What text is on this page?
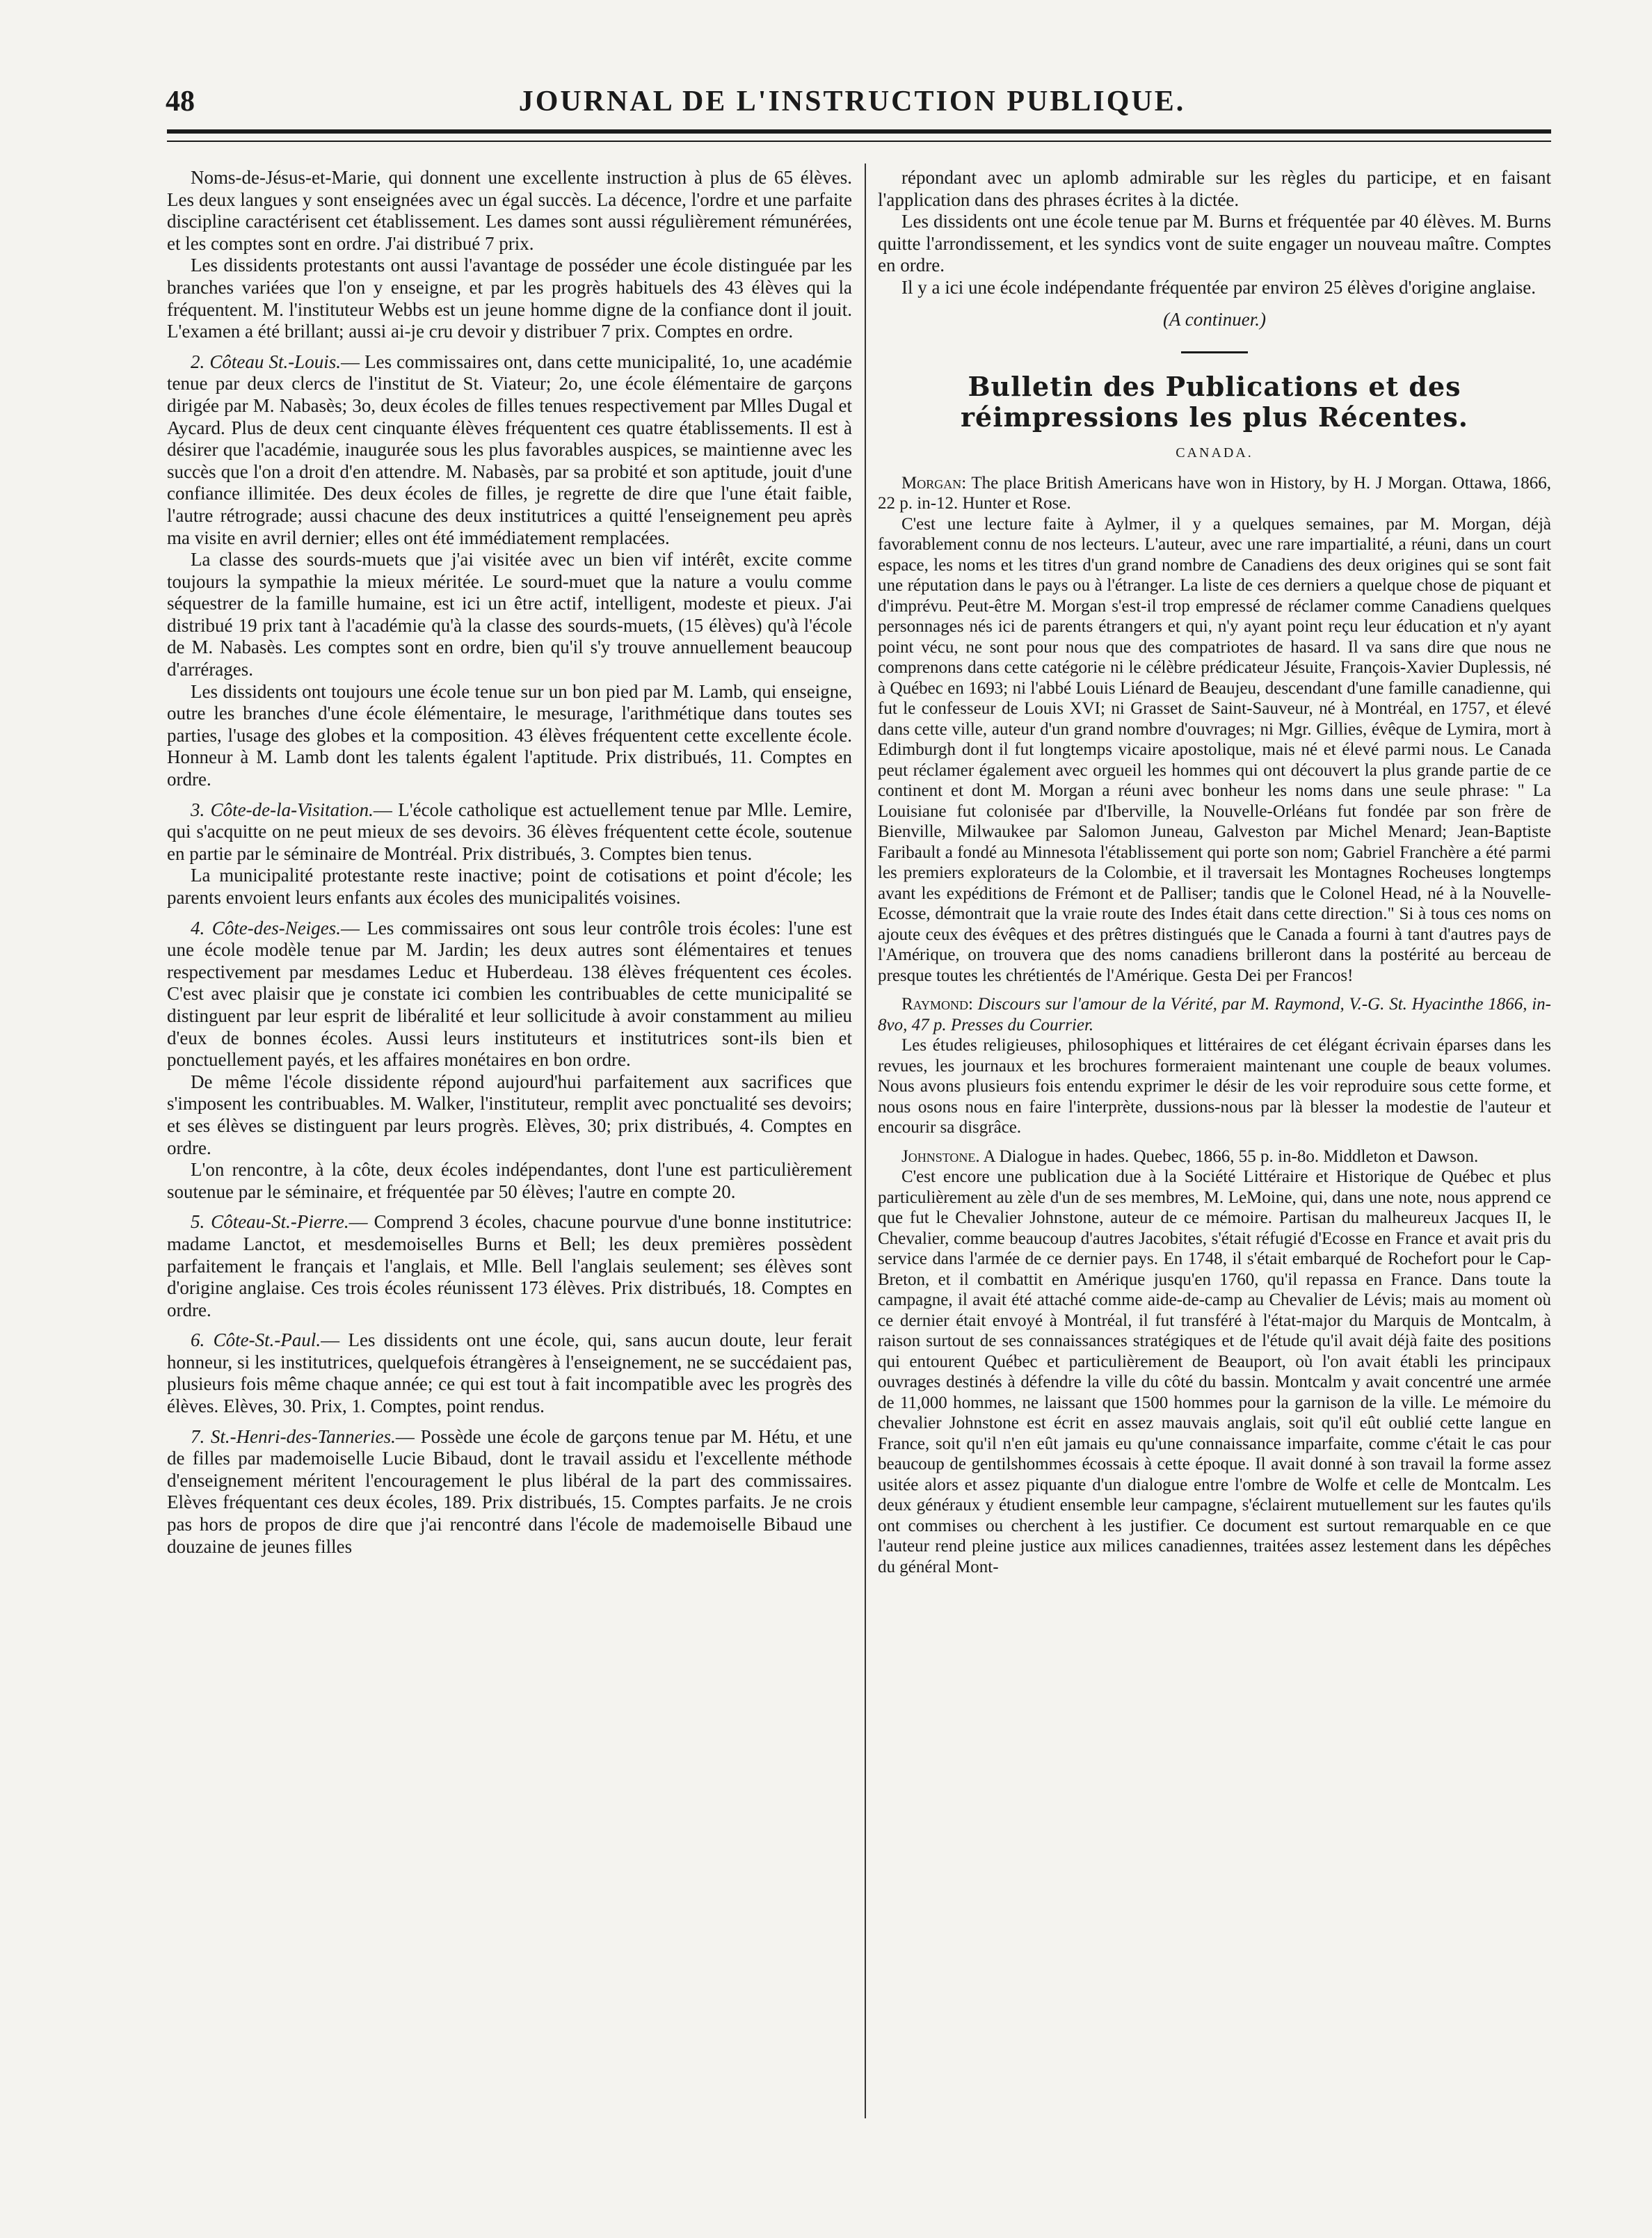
48	JOURNAL DE L'INSTRUCTION PUBLIQUE.

Noms-de-Jésus-et-Marie, qui donnent une excellente instruction à plus de 65 élèves. Les deux langues y sont enseignées avec un égal succès. La décence, l'ordre et une parfaite discipline caractérisent cet établissement. Les dames sont aussi régulièrement rémunérées, et les comptes sont en ordre. J'ai distribué 7 prix.

Les dissidents protestants ont aussi l'avantage de posséder une école distinguée par les branches variées que l'on y enseigne, et par les progrès habituels des 43 élèves qui la fréquentent. M. l'instituteur Webbs est un jeune homme digne de la confiance dont il jouit. L'examen a été brillant; aussi ai-je cru devoir y distribuer 7 prix. Comptes en ordre.

2. Côteau St.-Louis.— Les commissaires ont, dans cette municipalité, 1o, une académie tenue par deux clercs de l'institut de St. Viateur; 2o, une école élémentaire de garçons dirigée par M. Nabasès; 3o, deux écoles de filles tenues respectivement par Mlles Dugal et Aycard. Plus de deux cent cinquante élèves fréquentent ces quatre établissements. Il est à désirer que l'académie, inaugurée sous les plus favorables auspices, se maintienne avec les succès que l'on a droit d'en attendre. M. Nabasès, par sa probité et son aptitude, jouit d'une confiance illimitée. Des deux écoles de filles, je regrette de dire que l'une était faible, l'autre rétrograde; aussi chacune des deux institutrices a quitté l'enseignement peu après ma visite en avril dernier; elles ont été immédiatement remplacées.

La classe des sourds-muets que j'ai visitée avec un bien vif intérêt, excite comme toujours la sympathie la mieux méritée. Le sourd-muet que la nature a voulu comme séquestrer de la famille humaine, est ici un être actif, intelligent, modeste et pieux. J'ai distribué 19 prix tant à l'académie qu'à la classe des sourds-muets, (15 élèves) qu'à l'école de M. Nabasès. Les comptes sont en ordre, bien qu'il s'y trouve annuellement beaucoup d'arrérages.

Les dissidents ont toujours une école tenue sur un bon pied par M. Lamb, qui enseigne, outre les branches d'une école élémentaire, le mesurage, l'arithmétique dans toutes ses parties, l'usage des globes et la composition. 43 élèves fréquentent cette excellente école. Honneur à M. Lamb dont les talents égalent l'aptitude. Prix distribués, 11. Comptes en ordre.

3. Côte-de-la-Visitation.— L'école catholique est actuellement tenue par Mlle. Lemire, qui s'acquitte on ne peut mieux de ses devoirs. 36 élèves fréquentent cette école, soutenue en partie par le séminaire de Montréal. Prix distribués, 3. Comptes bien tenus.

La municipalité protestante reste inactive; point de cotisations et point d'école; les parents envoient leurs enfants aux écoles des municipalités voisines.

4. Côte-des-Neiges.— Les commissaires ont sous leur contrôle trois écoles: l'une est une école modèle tenue par M. Jardin; les deux autres sont élémentaires et tenues respectivement par mesdames Leduc et Huberdeau. 138 élèves fréquentent ces écoles. C'est avec plaisir que je constate ici combien les contribuables de cette municipalité se distinguent par leur esprit de libéralité et leur sollicitude à avoir constamment au milieu d'eux de bonnes écoles. Aussi leurs instituteurs et institutrices sont-ils bien et ponctuellement payés, et les affaires monétaires en bon ordre.

De même l'école dissidente répond aujourd'hui parfaitement aux sacrifices que s'imposent les contribuables. M. Walker, l'instituteur, remplit avec ponctualité ses devoirs; et ses élèves se distinguent par leurs progrès. Elèves, 30; prix distribués, 4. Comptes en ordre.

L'on rencontre, à la côte, deux écoles indépendantes, dont l'une est particulièrement soutenue par le séminaire, et fréquentée par 50 élèves; l'autre en compte 20.

5. Côteau-St.-Pierre.— Comprend 3 écoles, chacune pourvue d'une bonne institutrice: madame Lanctot, et mesdemoiselles Burns et Bell; les deux premières possèdent parfaitement le français et l'anglais, et Mlle. Bell l'anglais seulement; ses élèves sont d'origine anglaise. Ces trois écoles réunissent 173 élèves. Prix distribués, 18. Comptes en ordre.

6. Côte-St.-Paul.— Les dissidents ont une école, qui, sans aucun doute, leur ferait honneur, si les institutrices, quelquefois étrangères à l'enseignement, ne se succédaient pas, plusieurs fois même chaque année; ce qui est tout à fait incompatible avec les progrès des élèves. Elèves, 30. Prix, 1. Comptes, point rendus.

7. St.-Henri-des-Tanneries.— Possède une école de garçons tenue par M. Hétu, et une de filles par mademoiselle Lucie Bibaud, dont le travail assidu et l'excellente méthode d'enseignement méritent l'encouragement le plus libéral de la part des commissaires. Elèves fréquentant ces deux écoles, 189. Prix distribués, 15. Comptes parfaits. Je ne crois pas hors de propos de dire que j'ai rencontré dans l'école de mademoiselle Bibaud une douzaine de jeunes filles

répondant avec un aplomb admirable sur les règles du participe, et en faisant l'application dans des phrases écrites à la dictée.

Les dissidents ont une école tenue par M. Burns et fréquentée par 40 élèves. M. Burns quitte l'arrondissement, et les syndics vont de suite engager un nouveau maître. Comptes en ordre.

Il y a ici une école indépendante fréquentée par environ 25 élèves d'origine anglaise.

(A continuer.)

Bulletin des Publications et des réimpressions les plus Récentes.

CANADA.

Morgan: The place British Americans have won in History, by H. J Morgan. Ottawa, 1866, 22 p. in-12. Hunter et Rose.

C'est une lecture faite à Aylmer, il y a quelques semaines, par M. Morgan, déjà favorablement connu de nos lecteurs. L'auteur, avec une rare impartialité, a réuni, dans un court espace, les noms et les titres d'un grand nombre de Canadiens des deux origines qui se sont fait une réputation dans le pays ou à l'étranger. La liste de ces derniers a quelque chose de piquant et d'imprévu. Peut-être M. Morgan s'est-il trop empressé de réclamer comme Canadiens quelques personnages nés ici de parents étrangers et qui, n'y ayant point reçu leur éducation et n'y ayant point vécu, ne sont pour nous que des compatriotes de hasard. Il va sans dire que nous ne comprenons dans cette catégorie ni le célèbre prédicateur Jésuite, François-Xavier Duplessis, né à Québec en 1693; ni l'abbé Louis Liénard de Beaujeu, descendant d'une famille canadienne, qui fut le confesseur de Louis XVI; ni Grasset de Saint-Sauveur, né à Montréal, en 1757, et élevé dans cette ville, auteur d'un grand nombre d'ouvrages; ni Mgr. Gillies, évêque de Lymira, mort à Edimburgh dont il fut longtemps vicaire apostolique, mais né et élevé parmi nous. Le Canada peut réclamer également avec orgueil les hommes qui ont découvert la plus grande partie de ce continent et dont M. Morgan a réuni avec bonheur les noms dans une seule phrase: " La Louisiane fut colonisée par d'Iberville, la Nouvelle-Orléans fut fondée par son frère de Bienville, Milwaukee par Salomon Juneau, Galveston par Michel Menard; Jean-Baptiste Faribault a fondé au Minnesota l'établissement qui porte son nom; Gabriel Franchère a été parmi les premiers explorateurs de la Colombie, et il traversait les Montagnes Rocheuses longtemps avant les expéditions de Frémont et de Palliser; tandis que le Colonel Head, né à la Nouvelle-Ecosse, démontrait que la vraie route des Indes était dans cette direction." Si à tous ces noms on ajoute ceux des évêques et des prêtres distingués que le Canada a fourni à tant d'autres pays de l'Amérique, on trouvera que des noms canadiens brilleront dans la postérité au berceau de presque toutes les chrétientés de l'Amérique. Gesta Dei per Francos!

Raymond: Discours sur l'amour de la Vérité, par M. Raymond, V.-G. St. Hyacinthe 1866, in-8vo, 47 p. Presses du Courrier.

Les études religieuses, philosophiques et littéraires de cet élégant écrivain éparses dans les revues, les journaux et les brochures formeraient maintenant une couple de beaux volumes. Nous avons plusieurs fois entendu exprimer le désir de les voir reproduire sous cette forme, et nous osons nous en faire l'interprète, dussions-nous par là blesser la modestie de l'auteur et encourir sa disgrâce.

Johnstone. A Dialogue in hades. Quebec, 1866, 55 p. in-8o. Middleton et Dawson.

C'est encore une publication due à la Société Littéraire et Historique de Québec et plus particulièrement au zèle d'un de ses membres, M. LeMoine, qui, dans une note, nous apprend ce que fut le Chevalier Johnstone, auteur de ce mémoire. Partisan du malheureux Jacques II, le Chevalier, comme beaucoup d'autres Jacobites, s'était réfugié d'Ecosse en France et avait pris du service dans l'armée de ce dernier pays. En 1748, il s'était embarqué de Rochefort pour le Cap-Breton, et il combattit en Amérique jusqu'en 1760, qu'il repassa en France. Dans toute la campagne, il avait été attaché comme aide-de-camp au Chevalier de Lévis; mais au moment où ce dernier était envoyé à Montréal, il fut transféré à l'état-major du Marquis de Montcalm, à raison surtout de ses connaissances stratégiques et de l'étude qu'il avait déjà faite des positions qui entourent Québec et particulièrement de Beauport, où l'on avait établi les principaux ouvrages destinés à défendre la ville du côté du bassin. Montcalm y avait concentré une armée de 11,000 hommes, ne laissant que 1500 hommes pour la garnison de la ville. Le mémoire du chevalier Johnstone est écrit en assez mauvais anglais, soit qu'il eût oublié cette langue en France, soit qu'il n'en eût jamais eu qu'une connaissance imparfaite, comme c'était le cas pour beaucoup de gentilshommes écossais à cette époque. Il avait donné à son travail la forme assez usitée alors et assez piquante d'un dialogue entre l'ombre de Wolfe et celle de Montcalm. Les deux généraux y étudient ensemble leur campagne, s'éclairent mutuellement sur les fautes qu'ils ont commises ou cherchent à les justifier. Ce document est surtout remarquable en ce que l'auteur rend pleine justice aux milices canadiennes, traitées assez lestement dans les dépêches du général Mont-
